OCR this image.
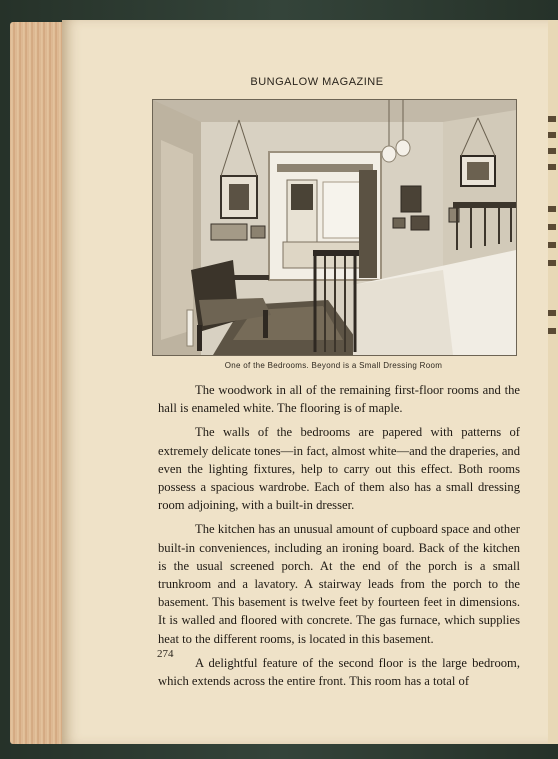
BUNGALOW MAGAZINE
One of the Bedrooms. Beyond is a Small Dressing Room

The woodwork in all of the remaining first-floor rooms and the hall is enameled white. The flooring is of maple.

The walls of the bedrooms are papered with patterns of extremely delicate tones—in fact, almost white—and the draperies, and even the lighting fixtures, help to carry out this effect. Both rooms possess a spacious wardrobe. Each of them also has a small dressing room adjoining, with a built-in dresser.

The kitchen has an unusual amount of cupboard space and other built-in conveniences, including an ironing board. Back of the kitchen is the usual screened porch. At the end of the porch is a small trunkroom and a lavatory. A stairway leads from the porch to the basement. This basement is twelve feet by fourteen feet in dimensions. It is walled and floored with concrete. The gas furnace, which supplies heat to the different rooms, is located in this basement.

A delightful feature of the second floor is the large bedroom, which extends across the entire front. This room has a total of

274
